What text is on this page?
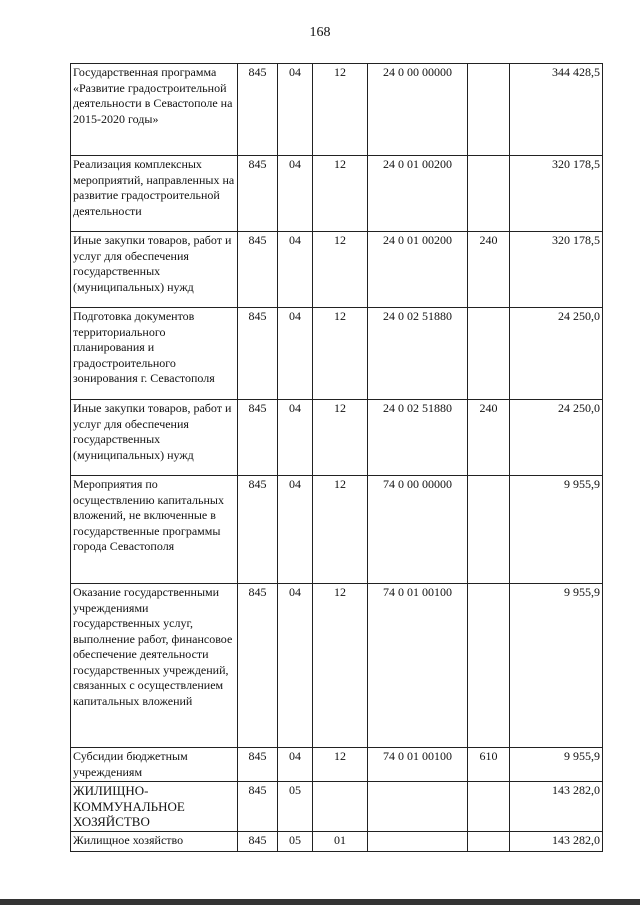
168
Государственная программа «Развитие градостроительной деятельности в Севастополе на 2015-2020 годы»	845	04	12	24 0 00 00000		344 428,5
Реализация комплексных мероприятий, направленных на развитие градостроительной деятельности	845	04	12	24 0 01 00200		320 178,5
Иные закупки товаров, работ и услуг для обеспечения государственных (муниципальных) нужд	845	04	12	24 0 01 00200	240	320 178,5
Подготовка документов территориального планирования и градостроительного зонирования г. Севастополя	845	04	12	24 0 02 51880		24 250,0
Иные закупки товаров, работ и услуг для обеспечения государственных (муниципальных) нужд	845	04	12	24 0 02 51880	240	24 250,0
Мероприятия по осуществлению капитальных вложений, не включенные в государственные программы города Севастополя	845	04	12	74 0 00 00000		9 955,9
Оказание государственными учреждениями государственных услуг, выполнение работ, финансовое обеспечение деятельности государственных учреждений, связанных с осуществлением капитальных вложений	845	04	12	74 0 01 00100		9 955,9
Субсидии бюджетным учреждениям	845	04	12	74 0 01 00100	610	9 955,9
ЖИЛИЩНО-КОММУНАЛЬНОЕ ХОЗЯЙСТВО	845	05				143 282,0
Жилищное хозяйство	845	05	01			143 282,0
